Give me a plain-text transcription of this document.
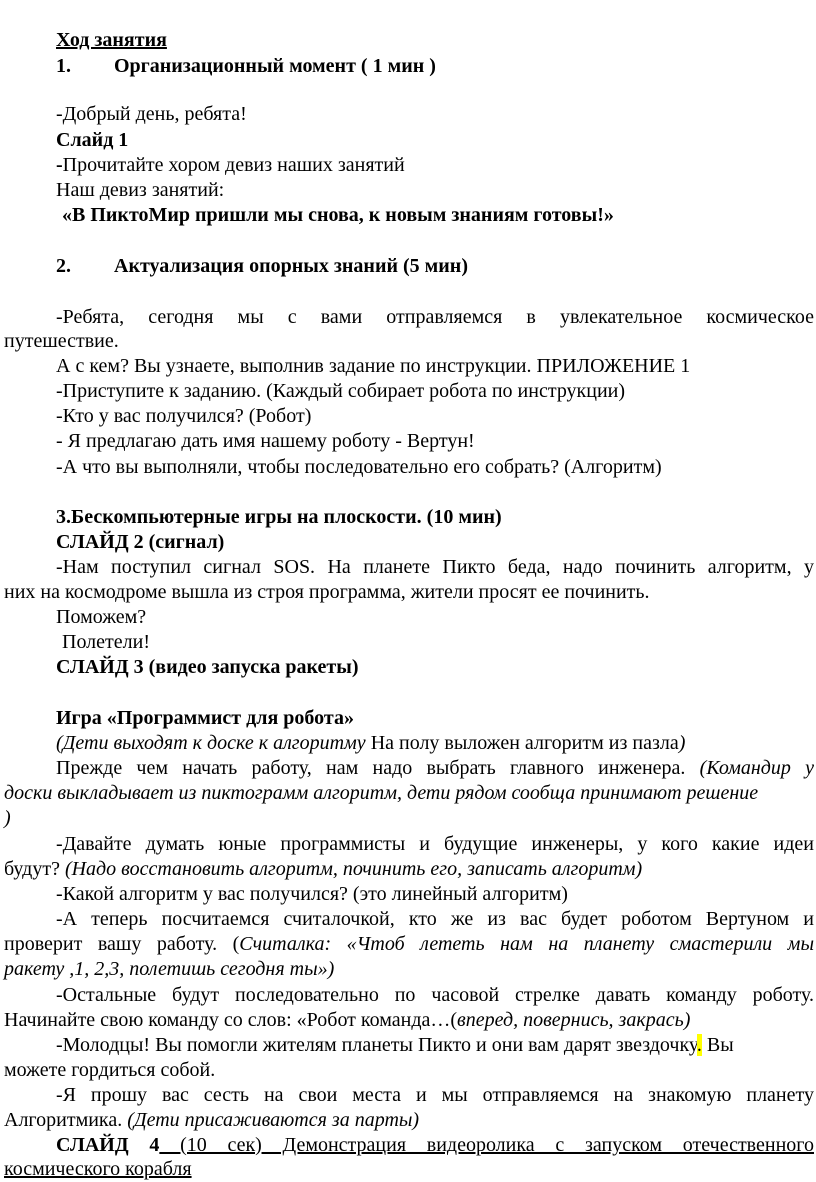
Ход занятия
1. Организационный момент ( 1 мин )
-Добрый день, ребята!
Слайд 1
-Прочитайте хором девиз наших занятий
Наш девиз занятий:
«В ПиктоМир пришли мы снова, к новым знаниям готовы!»
2. Актуализация опорных знаний (5 мин)
-Ребята, сегодня мы с вами отправляемся в увлекательное космическое
путешествие.
А с кем? Вы узнаете, выполнив задание по инструкции. ПРИЛОЖЕНИЕ 1
-Приступите к заданию. (Каждый собирает робота по инструкции)
-Кто у вас получился? (Робот)
- Я предлагаю дать имя нашему роботу - Вертун!
-А что вы выполняли, чтобы последовательно его собрать? (Алгоритм)
3.Бескомпьютерные игры на плоскости. (10 мин)
СЛАЙД 2 (сигнал)
-Нам поступил сигнал SOS. На планете Пикто беда, надо починить алгоритм, у
них на космодроме вышла из строя программа, жители просят ее починить.
Поможем?
Полетели!
СЛАЙД 3 (видео запуска ракеты)
Игра «Программист для робота»
(Дети выходят к доске к алгоритму На полу выложен алгоритм из пазла)
Прежде чем начать работу, нам надо выбрать главного инженера. (Командир у
доски выкладывает из пиктограмм алгоритм, дети рядом сообща принимают решение
)
-Давайте думать юные программисты и будущие инженеры, у кого какие идеи
будут? (Надо восстановить алгоритм, починить его, записать алгоритм)
-Какой алгоритм у вас получился? (это линейный алгоритм)
-А теперь посчитаемся считалочкой, кто же из вас будет роботом Вертуном и
проверит вашу работу. (Считалка: «Чтоб лететь нам на планету смастерили мы
ракету ,1, 2,3, полетишь сегодня ты»)
-Остальные будут последовательно по часовой стрелке давать команду роботу.
Начинайте свою команду со слов: «Робот команда…(вперед, повернись, закрась)
-Молодцы! Вы помогли жителям планеты Пикто и они вам дарят звездочку. Вы
можете гордиться собой.
-Я прошу вас сесть на свои места и мы отправляемся на знакомую планету
Алгоритмика. (Дети присаживаются за парты)
СЛАЙД 4 (10 сек) Демонстрация видеоролика с запуском отечественного
космического корабля
